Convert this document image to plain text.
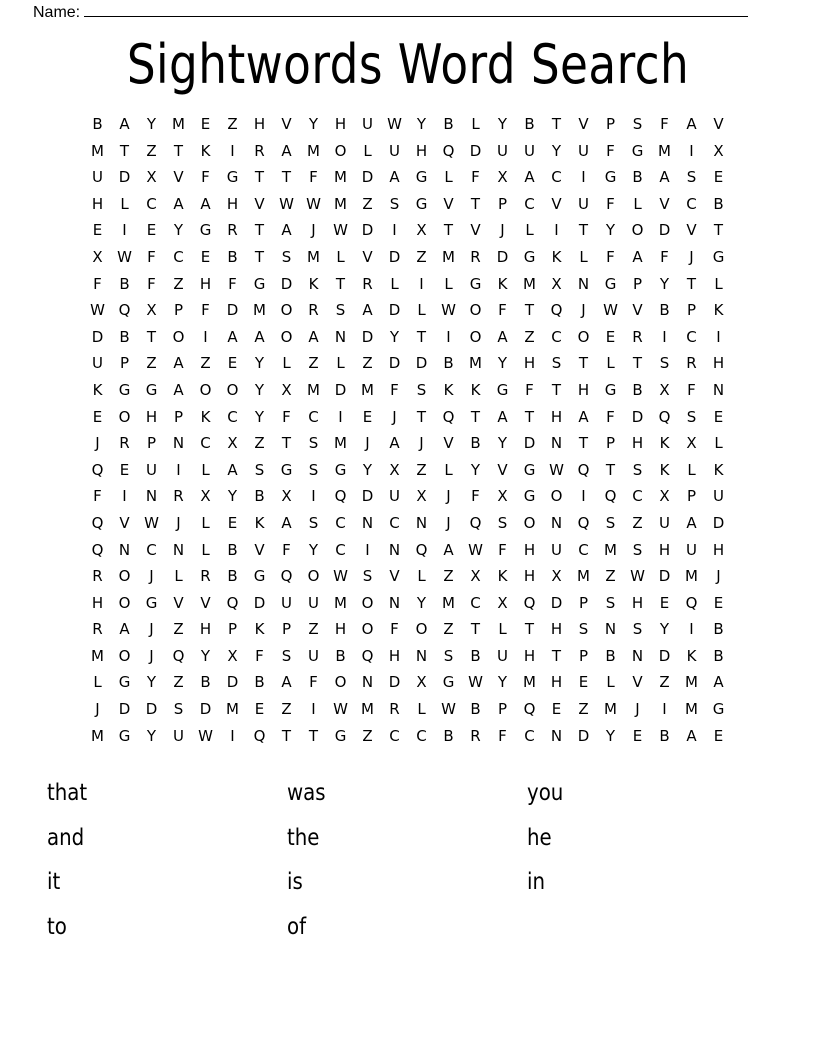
Name:
Sightwords Word Search
B	A	Y	M	E	Z	H	V	Y	H	U W Y	B	L	Y	B	T	V	P	S	F	A	V
M	T	Z	T	K	I	R	A	M O	L	U	H	Q	D	U	U	Y	U	F	G M	I	X
U	D	X	V	F	G	T	T	F	M D	A	G	L	F	X	A	C	I	G	B	A	S	E
H	L	C	A	A	H	V W W M	Z	S	G	V	T	P	C	V	U	F	L	V	C	B
E	I	E	Y	G	R	T	A	J	W D	I	X	T	V	J	L	I	T	Y	O	D	V	T
X W	F	C	E	B	T	S	M	L	V	D	Z	M	R	D	G	K	L	F	A	F	J	G
F	B	F	Z	H	F	G	D	K	T	R	L	I	L	G	K	M	X	N	G	P	Y	T	L
W Q	X	P	F	D M O	R	S	A	D	L	W O	F	T	Q	J	W V	B	P	K
D	B	T	O	I	A	A	O	A	N	D	Y	T	I	O	A	Z	C	O	E	R	I	C	I
U	P	Z	A	Z	E	Y	L	Z	L	Z	D	D	B	M	Y	H	S	T	L	T	S	R	H
K	G	G	A	O	O	Y	X	M D M	F	S	K	K	G	F	T	H	G	B	X	F	N
E	O	H	P	K	C	Y	F	C	I	E	J	T	Q	T	A	T	H	A	F	D	Q	S	E
J	R	P	N	C	X	Z	T	S	M	J	A	J	V	B	Y	D	N	T	P	H	K	X	L
Q	E	U	I	L	A	S	G	S	G	Y	X	Z	L	Y	V	G W Q	T	S	K	L	K
F	I	N	R	X	Y	B	X	I	Q	D	U	X	J	F	X	G	O	I	Q	C	X	P	U
Q	V W	J	L	E	K	A	S	C	N	C	N	J	Q	S	O	N	Q	S	Z	U	A	D
Q	N	C	N	L	B	V	F	Y	C	I	N	Q	A W	F	H	U	C	M	S	H	U	H
R	O	J	L	R	B	G	Q	O W S	V	L	Z	X	K	H	X	M	Z W D M	J
H	O	G	V	V	Q	D	U	U	M O	N	Y	M	C	X	Q	D	P	S	H	E	Q	E
R	A	J	Z	H	P	K	P	Z	H	O	F	O	Z	T	L	T	H	S	N	S	Y	I	B
M O	J	Q	Y	X	F	S	U	B	Q	H	N	S	B	U	H	T	P	B	N	D	K	B
L	G	Y	Z	B	D	B	A	F	O	N	D	X	G W Y	M H	E	L	V	Z	M	A
J	D	D	S	D M	E	Z	I	W M	R	L	W B	P	Q	E	Z	M	J	I	M G
M G	Y	U W	I	Q	T	T	G	Z	C	C	B	R	F	C	N	D	Y	E	B	A	E
that	was	you
and	the	he
it	is	in
to	of
